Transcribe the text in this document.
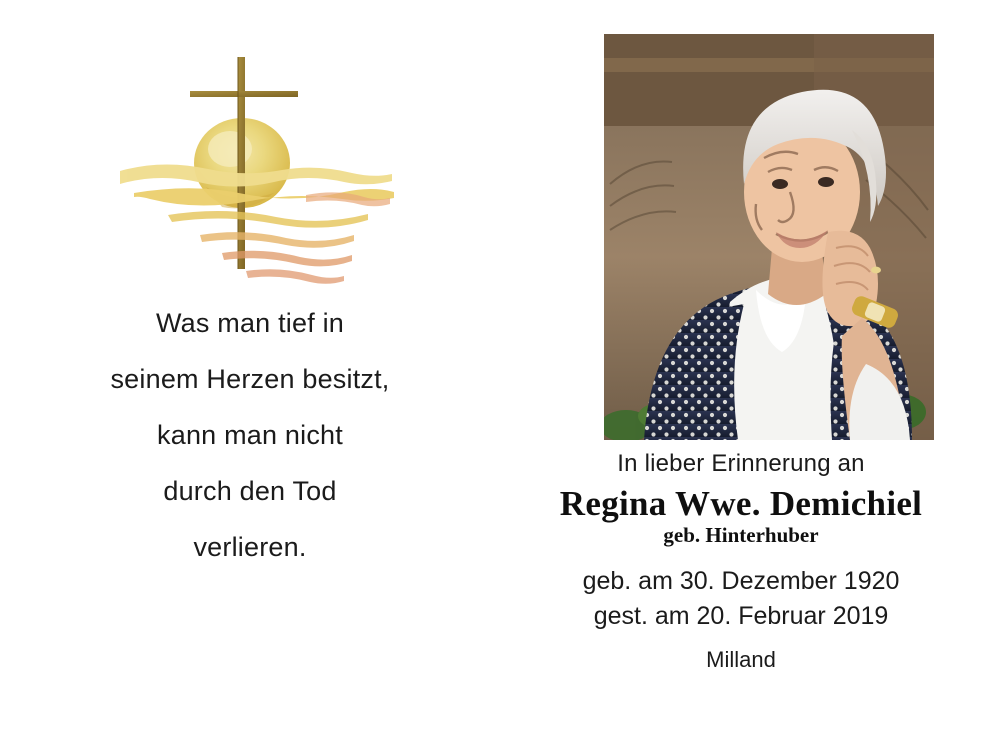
Was man tief in
seinem Herzen besitzt,
kann man nicht
durch den Tod
verlieren.

In lieber Erinnerung an

Regina Wwe. Demichiel

geb. Hinterhuber

geb. am 30. Dezember 1920

gest. am 20. Februar 2019

Milland
